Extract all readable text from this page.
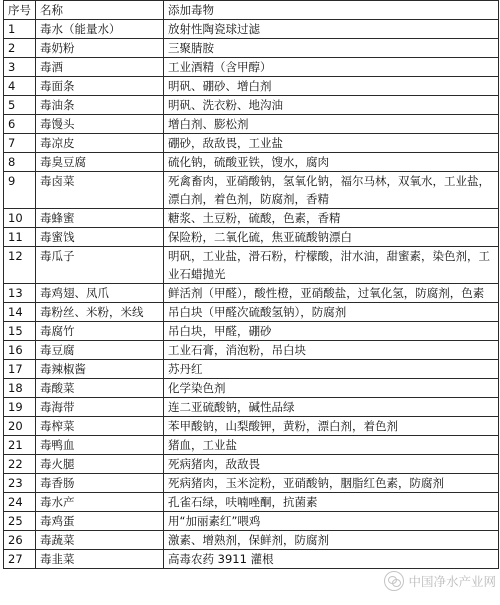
序号	名称	添加毒物
1	毒水（能量水）	放射性陶瓷球过滤
2	毒奶粉	三聚腈胺
3	毒酒	工业酒精（含甲醇）
4	毒面条	明矾、硼砂、增白剂
5	毒油条	明矾、洗衣粉、地沟油
6	毒馒头	增白剂、膨松剂
7	毒凉皮	硼砂，敌敌畏，工业盐
8	毒臭豆腐	硫化钠，硫酸亚铁，馊水，腐肉
9	毒卤菜	死禽畜肉，亚硝酸钠，氢氧化钠，福尔马林，双氧水，工业盐，漂白剂，着色剂，防腐剂，香精
10	毒蜂蜜	糖浆、土豆粉，硫酸，色素，香精
11	毒蜜饯	保险粉，二氧化硫，焦亚硫酸钠漂白
12	毒瓜子	明矾，工业盐，滑石粉，柠檬酸，泔水油，甜蜜素，染色剂，工业石蜡抛光
13	毒鸡翅、凤爪	鲜活剂（甲醛），酸性橙，亚硝酸盐，过氧化氢，防腐剂，色素
14	毒粉丝、米粉，米线	吊白块（甲醛次硫酸氢钠），防腐剂
15	毒腐竹	吊白块，甲醛，硼砂
16	毒豆腐	工业石膏，消泡粉，吊白块
17	毒辣椒酱	苏丹红
18	毒酸菜	化学染色剂
19	毒海带	连二亚硫酸钠，碱性品绿
20	毒榨菜	苯甲酸钠，山梨酸钾，黄粉，漂白剂，着色剂
21	毒鸭血	猪血，工业盐
22	毒火腿	死病猪肉，敌敌畏
23	毒香肠	死病猪肉，玉米淀粉，亚硝酸钠，胭脂红色素，防腐剂
24	毒水产	孔雀石绿，呋喃唑酮，抗菌素
25	毒鸡蛋	用“加丽素红”喂鸡
26	毒蔬菜	激素、增熟剂，保鲜剂，防腐剂
27	毒韭菜	高毒农药 3911 灌根
中国净水产业网
